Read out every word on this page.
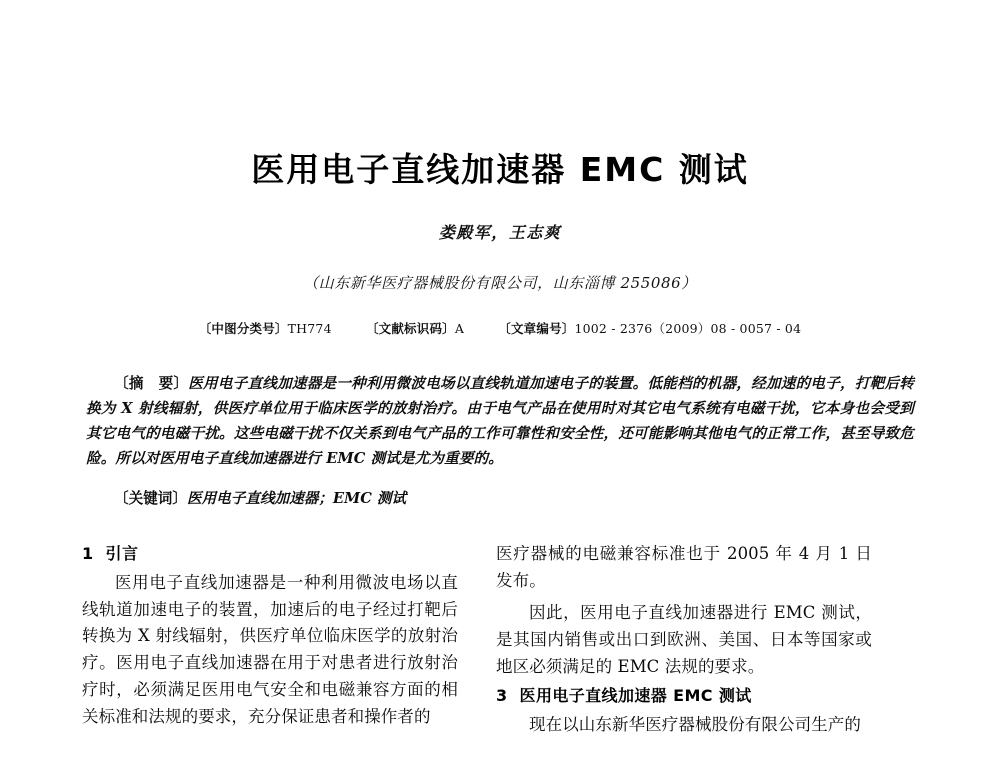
医用电子直线加速器 EMC 测试
娄殿军，王志爽
（山东新华医疗器械股份有限公司，山东淄博 255086）
〔中图分类号〕TH774	〔文献标识码〕A	〔文章编号〕1002 - 2376（2009）08 - 0057 - 04
〔摘　要〕医用电子直线加速器是一种利用微波电场以直线轨道加速电子的装置。低能档的机器，经加速的电子，打靶后转换为 X 射线辐射，供医疗单位用于临床医学的放射治疗。由于电气产品在使用时对其它电气系统有电磁干扰，它本身也会受到其它电气的电磁干扰。这些电磁干扰不仅关系到电气产品的工作可靠性和安全性，还可能影响其他电气的正常工作，甚至导致危险。所以对医用电子直线加速器进行 EMC 测试是尤为重要的。
〔关键词〕医用电子直线加速器；EMC 测试
1 引言

医用电子直线加速器是一种利用微波电场以直线轨道加速电子的装置，加速后的电子经过打靶后转换为 X 射线辐射，供医疗单位临床医学的放射治疗。医用电子直线加速器在用于对患者进行放射治疗时，必须满足医用电气安全和电磁兼容方面的相关标准和法规的要求，充分保证患者和操作者的

医疗器械的电磁兼容标准也于 2005 年 4 月 1 日发布。

因此，医用电子直线加速器进行 EMC 测试，是其国内销售或出口到欧洲、美国、日本等国家或地区必须满足的 EMC 法规的要求。

3 医用电子直线加速器 EMC 测试

现在以山东新华医疗器械股份有限公司生产的
